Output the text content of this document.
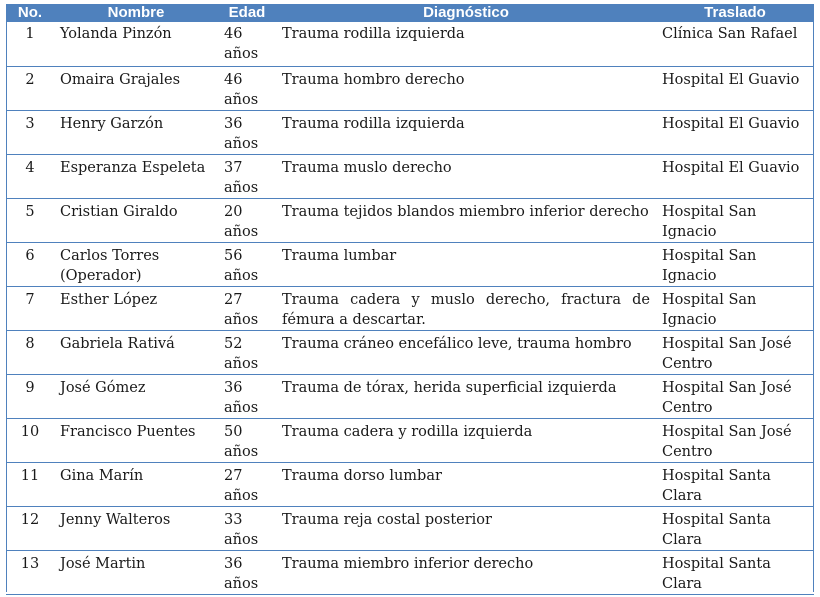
No.	Nombre	Edad	Diagnóstico	Traslado
1	Yolanda Pinzón	46 años	Trauma rodilla izquierda	Clínica San Rafael
2	Omaira Grajales	46 años	Trauma hombro derecho	Hospital El Guavio
3	Henry Garzón	36 años	Trauma rodilla izquierda	Hospital El Guavio
4	Esperanza Espeleta	37 años	Trauma muslo derecho	Hospital El Guavio
5	Cristian Giraldo	20 años	Trauma tejidos blandos miembro inferior derecho	Hospital San Ignacio
6	Carlos Torres (Operador)	56 años	Trauma lumbar	Hospital San Ignacio
7	Esther López	27 años	Trauma cadera y muslo derecho, fractura de fémura a descartar.	Hospital San Ignacio
8	Gabriela Rativá	52 años	Trauma cráneo encefálico leve, trauma hombro	Hospital San José Centro
9	José Gómez	36 años	Trauma de tórax, herida superficial izquierda	Hospital San José Centro
10	Francisco Puentes	50 años	Trauma cadera y rodilla izquierda	Hospital San José Centro
11	Gina Marín	27 años	Trauma dorso lumbar	Hospital Santa Clara
12	Jenny Walteros	33 años	Trauma reja costal posterior	Hospital Santa Clara
13	José Martin	36 años	Trauma miembro inferior derecho	Hospital Santa Clara
